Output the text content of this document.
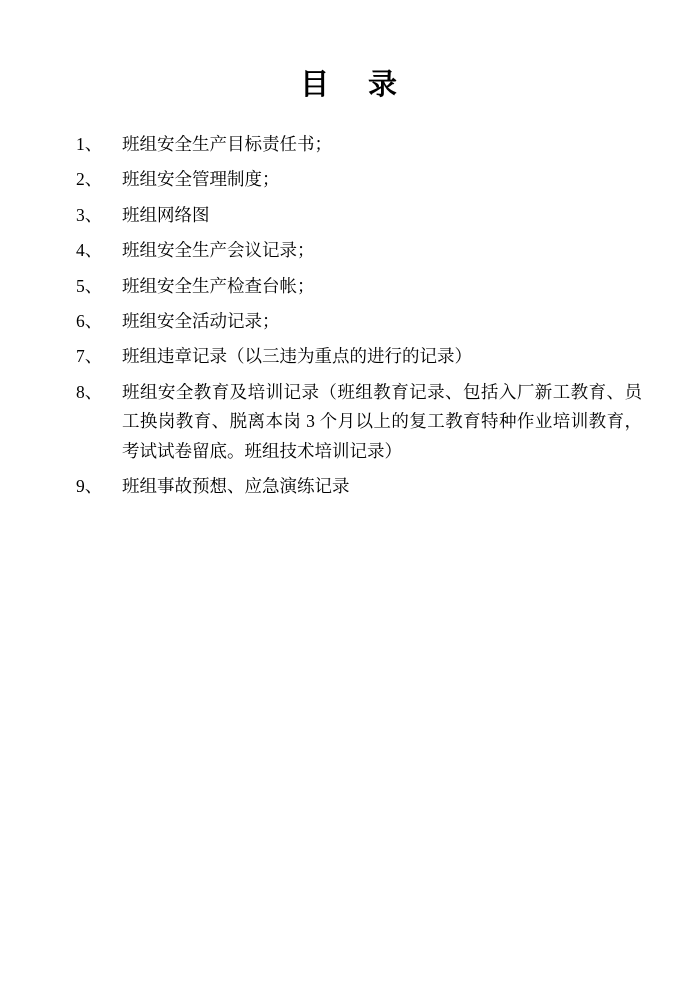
目 录
1、	班组安全生产目标责任书；
2、	班组安全管理制度；
3、	班组网络图
4、	班组安全生产会议记录；
5、	班组安全生产检查台帐；
6、	班组安全活动记录；
7、	班组违章记录（以三违为重点的进行的记录）
8、	班组安全教育及培训记录（班组教育记录、包括入厂新工教育、员工换岗教育、脱离本岗 3 个月以上的复工教育特种作业培训教育，考试试卷留底。班组技术培训记录）
9、	班组事故预想、应急演练记录
